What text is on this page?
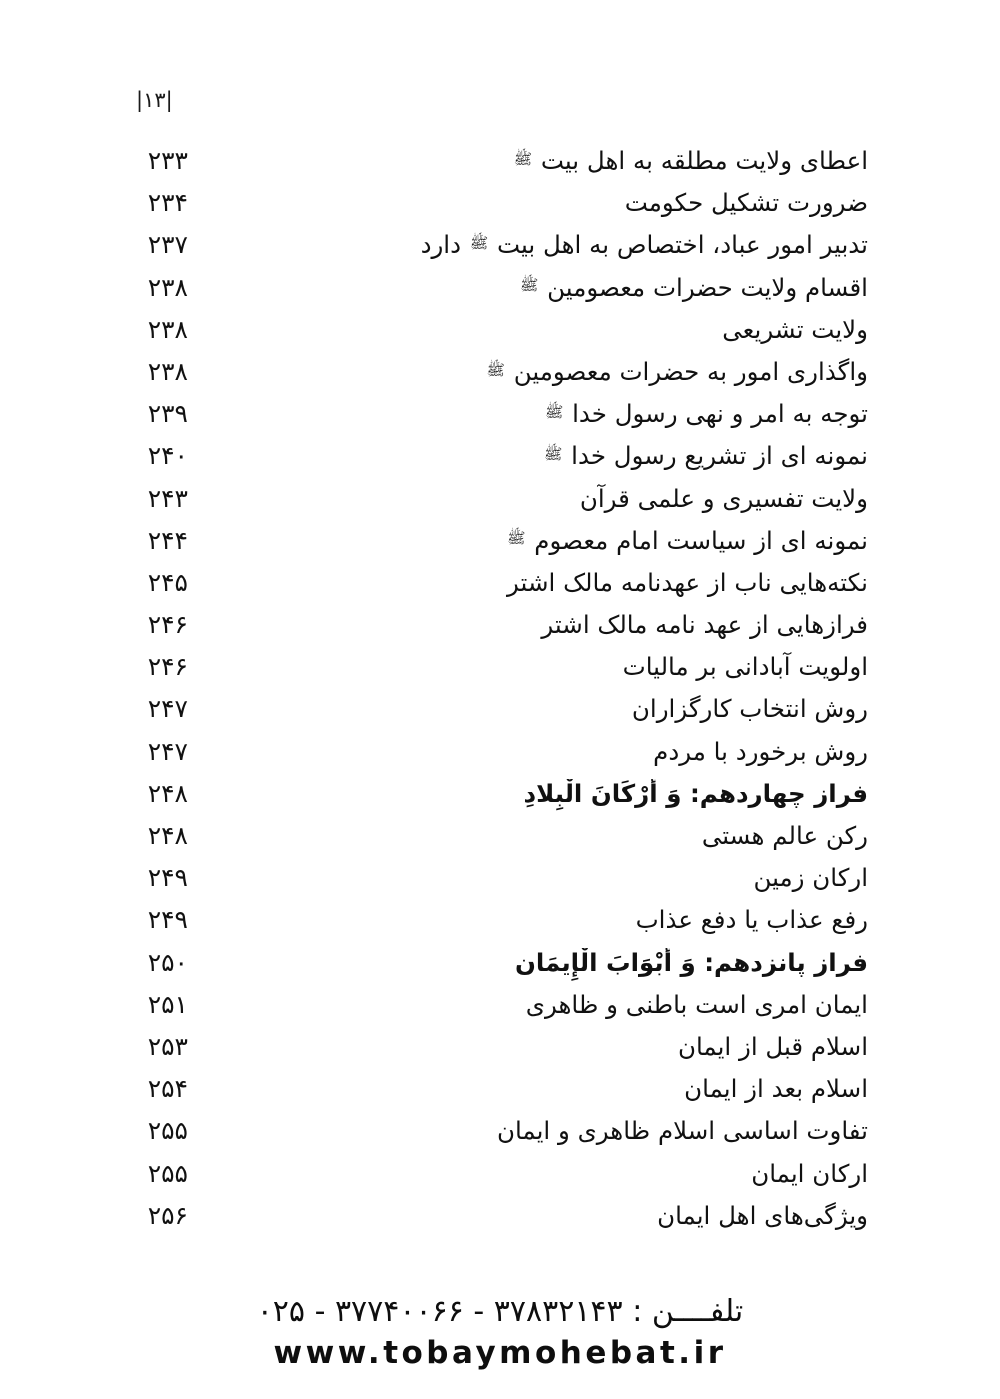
|۱۳|
اعطای ولایت مطلقه به اهل بیت $^ﷺ$
.....
۲۳۳
ضرورت تشکیل حکومت
.....
۲۳۴
تدبیر امور عباد، اختصاص به اهل بیت $^ﷺ$ دارد
.....
۲۳۷
اقسام ولایت حضرات معصومین $^ﷺ$
.....
۲۳۸
ولایت تشریعی
.....
۲۳۸
واگذاری امور به حضرات معصومین $^ﷺ$
.....
۲۳۸
توجه به امر و نهی رسول خدا $^ﷺ$
.....
۲۳۹
نمونه ای از تشریع رسول خدا $^ﷺ$
.....
۲۴۰
ولایت تفسیری و علمی قرآن
.....
۲۴۳
نمونه ای از سیاست امام معصوم $^ﷺ$
.....
۲۴۴
نکته‌هایی ناب از عهدنامه مالک اشتر
.....
۲۴۵
فرازهایی از عهد نامه مالک اشتر
.....
۲۴۶
اولویت آبادانی بر مالیات
.....
۲۴۶
روش انتخاب کارگزاران
.....
۲۴۷
روش برخورد با مردم
.....
۲۴۷
فراز چهاردهم: وَ أَرْکَانَ الْبِلادِ
.....
۲۴۸
رکن عالم هستی
.....
۲۴۸
ارکان زمین
.....
۲۴۹
رفع عذاب یا دفع عذاب
.....
۲۴۹
فراز پانزدهم: وَ أَبْوَابَ الْإِیمَان
.....
۲۵۰
ایمان امری است باطنی و ظاهری
.....
۲۵۱
اسلام قبل از ایمان
.....
۲۵۳
اسلام بعد از ایمان
.....
۲۵۴
تفاوت اساسی اسلام ظاهری و ایمان
.....
۲۵۵
ارکان ایمان
.....
۲۵۵
ویژگی‌های اهل ایمان
.....
۲۵۶
تلفــــن : ۳۷۸۳۲۱۴۳ - ۳۷۷۴۰۰۶۶ - ۰۲۵
www.tobaymohebat.ir
